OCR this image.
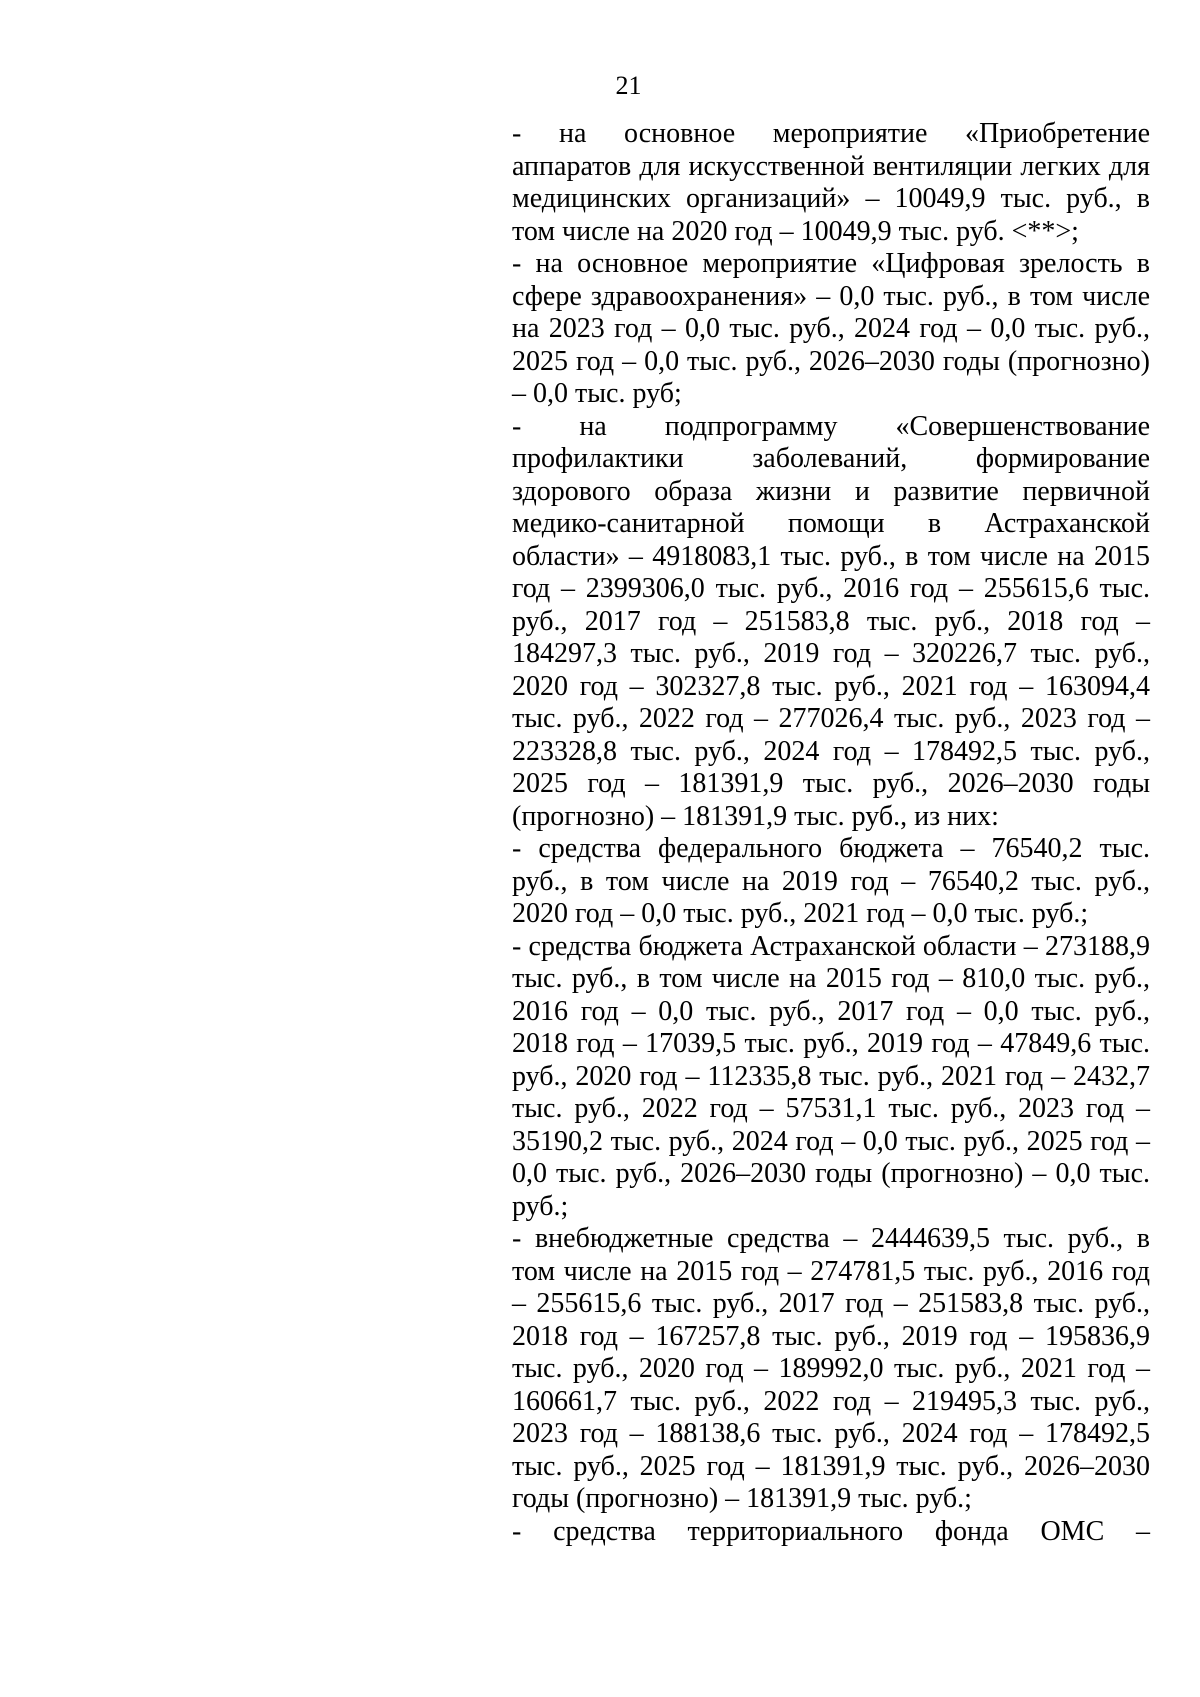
21

- на основное мероприятие «Приобретение аппаратов для искусственной вентиляции легких для медицинских организаций» – 10049,9 тыс. руб., в том числе на 2020 год – 10049,9 тыс. руб. <**>;

- на основное мероприятие «Цифровая зрелость в сфере здравоохранения» – 0,0 тыс. руб., в том числе на 2023 год – 0,0 тыс. руб., 2024 год – 0,0 тыс. руб., 2025 год – 0,0 тыс. руб., 2026–2030 годы (прогнозно) – 0,0 тыс. руб;

- на подпрограмму «Совершенствование профилактики заболеваний, формирование здорового образа жизни и развитие первичной медико-санитарной помощи в Астраханской области» – 4918083,1 тыс. руб., в том числе на 2015 год – 2399306,0 тыс. руб., 2016 год – 255615,6 тыс. руб., 2017 год – 251583,8 тыс. руб., 2018 год – 184297,3 тыс. руб., 2019 год – 320226,7 тыс. руб., 2020 год – 302327,8 тыс. руб., 2021 год – 163094,4 тыс. руб., 2022 год – 277026,4 тыс. руб., 2023 год – 223328,8 тыс. руб., 2024 год – 178492,5 тыс. руб., 2025 год – 181391,9 тыс. руб., 2026–2030 годы (прогнозно) – 181391,9 тыс. руб., из них:

- средства федерального бюджета – 76540,2 тыс. руб., в том числе на 2019 год – 76540,2 тыс. руб., 2020 год – 0,0 тыс. руб., 2021 год – 0,0 тыс. руб.;

- средства бюджета Астраханской области – 273188,9 тыс. руб., в том числе на 2015 год – 810,0 тыс. руб., 2016 год – 0,0 тыс. руб., 2017 год – 0,0 тыс. руб., 2018 год – 17039,5 тыс. руб., 2019 год – 47849,6 тыс. руб., 2020 год – 112335,8 тыс. руб., 2021 год – 2432,7 тыс. руб., 2022 год – 57531,1 тыс. руб., 2023 год – 35190,2 тыс. руб., 2024 год – 0,0 тыс. руб., 2025 год – 0,0 тыс. руб., 2026–2030 годы (прогнозно) – 0,0 тыс. руб.;

- внебюджетные средства – 2444639,5 тыс. руб., в том числе на 2015 год – 274781,5 тыс. руб., 2016 год – 255615,6 тыс. руб., 2017 год – 251583,8 тыс. руб., 2018 год – 167257,8 тыс. руб., 2019 год – 195836,9 тыс. руб., 2020 год – 189992,0 тыс. руб., 2021 год – 160661,7 тыс. руб., 2022 год – 219495,3 тыс. руб., 2023 год – 188138,6 тыс. руб., 2024 год – 178492,5 тыс. руб., 2025 год – 181391,9 тыс. руб., 2026–2030 годы (прогнозно) – 181391,9 тыс. руб.;

- средства территориального фонда ОМС –
